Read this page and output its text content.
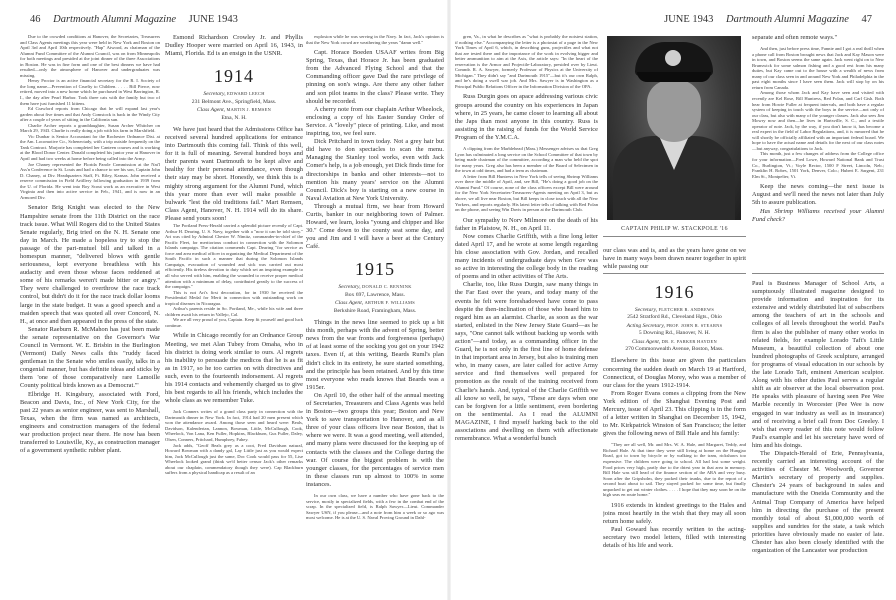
46 Dartmouth Alumni Magazine JUNE 1943	JUNE 1943 Dartmouth Alumni Magazine 47

Due to the crowded conditions at Hanover, the Secretaries, Treasurers and Class Agents meetings this year were held in New York and Boston on April 3rd and April 10th respectively. "Hap" Atwood, as chairman of the Alumni Fund Committee of the Alumni Council, was on from Minneapolis for both meetings and presided at the joint dinner of the three Associations in Boston. He was in fine form and one of the best dinners we have had resulted—only the atmosphere of Hanover and undergraduates was missing.

Henry Proctor is an active financial secretary for the R. I. Society of the long name—Prevention of Cruelty to Children. . . . . Bill Pierce, now retired, moved into a new home which he purchased in West Barrington, R. I., the day after Pearl Harbor. Took three cats with the family but two of them have just furnished 11 kittens.

Ed Crawford reports from Chicago that he will expand last year's garden about five times and that Andy Comstock is back in the Windy City after a couple of years of sitting in the California sun.

Charlie Archer reports a granddaughter, Susan Archer Whitcher on March 29, 1943. Charlie is really doing a job with his farm in Marshfield.

Vic Dunbar is Senior Accountant for the Rochester Ordnance Dist. at the Am. Locomotive Co., Schenectady, with a trip outside frequently on the Tank Contract. Marjorie has completed her Canteen courses and is working at the Blood Donor Center. Donald completed his junior year at Hanover in April and had two weeks at home before being called into the Army.

Joe Chaney represented the Florida Parole Commission at the Nat'l Ass'n Conference in St. Louis and had a chance to see his son, Captain John D. Chaney, at Div. Headquarters Staff, Ft. Riley, Kansas. John received a reserve commission in Field Artillery following graduation in 1939 from the U. of Florida. He went into Boy Scout work as an executive in West Virginia and then into active service in Feb., 1941, and is now in an Armored Div.

Senator Brig Knight was elected to the New Hampshire senate from the 11th District on the race track issue. What Will Rogers did to the United States Senate regularly, Brig tried on the N. H. Senate one day in March. He made a hopeless try to stop the passage of the pari-mutuel bill and talked in a homespun manner, "delivered blows with gentle seriousness, kept everyone breathless with his audacity and even those whose faces reddened at some of his remarks weren't made bitter or angry." They were challenged to overthrow the race track control, but didn't do it for the race track dollar looms large in the state budget. It was a good speech and a maiden speech that was quoted all over Concord, N. H., at once and then appeared in the press of the state.

Senator Raeburn R. McMahon has just been made the senate representative on the Governor's War Council in Vermont. W. E. Brisbin in the Burlington (Vermont) Daily News calls this "ruddy faced gentleman in the Senate who smiles easily, talks in a congenial manner, but has definite ideas and sticks by them 'one of those comparatively rare Lamoille County political birds known as a Democrat.'"

Elbridge H. Kingsbury, associated with Ford, Beacon and Davis, Inc., of New York City, for the past 22 years as senior engineer, was sent to Marshall, Texas, when the firm was named as architects, engineers and construction managers of the federal war production project near there. He now has been transferred to Louisville, Ky., as construction manager of a government synthetic rubber plant.

Esmond Richardson Crowley Jr. and Phyllis Dudley Hooper were married on April 16, 1943, in Miami, Florida. Ed is an ensign in the USNR.

1914

Secretary, EDWARD LEECH
231 Belmont Ave., Springfield, Mass.

Class Agent, MARTIN J. REMSEN
Etna, N. H.

We have just heard that the Admissions Office has received several hundred applications for entrance into Dartmouth this coming fall. Think of this well, for it is full of meaning. Several hundred boys and their parents want Dartmouth to be kept alive and healthy for their personal attendance, even though their stay may be short. Honestly, we think this is a mighty strong argument for the Alumni Fund, which this year more than ever will make possible a bulwark "lest the old traditions fail." Mart Remsen, Class Agent, Hanover, N. H. 1914 will do its share. Please send yours soon!

The Portland Press-Herald carried a splendid picture recently of Capt. Arthur H. Dearing, U. S. Navy, together with a "now it can be told story." Art was cited by Admiral Chester W. Nimitz, commander-in-chief of the Pacific Fleet, for meritorious conduct in connection with the Solomon Islands campaign. The citation commends Capt. Dearing "for service as force and area medical officer in organizing the Medical Department of the South Pacific in such a manner that during the Solomon Islands Campaign, evacuation of wounded and sick was carried out most efficiently. His tireless devotion to duty which set an inspiring example to all who served with him, enabling the wounded to receive proper medical attention with a minimum of delay, contributed greatly to the success of the campaign."

This is not Art's first decoration, for in 1930 he received the Presidential Medal for Merit in connection with outstanding work on tropical diseases in Nicaragua.

Arthur's parents reside in So. Portland, Me., while his wife and three children await his return in Vallejo, Cal.

We are all very proud of you, Captain. Keep fit yourself and good luck continue.

While in Chicago recently for an Ordnance Group Meeting, we met Alan Tubey from Omaha, who in his district is doing work similar to ours. Al regrets his inability to persuade the medicos that he is as fit as in 1917, so he too carries on with directives and such, even to the fourteenth indorsement. Al regrets his 1914 contacts and vehemently charged us to give his best regards to all his friends, which includes the whole class as we remember Tuke.

Jack Conners writes of a grand class party in connection with the Dartmouth dinner in New York. In fact, 1914 had 20 men present which won the attendance award. Among those seen and heard were: Beals, Davidson, Kalenderian, Lannon, Bowman, Little, McCullough, Cook, Wheelock, Von Lana, Ken Fuller, Hopkins, Blackburn, Gus Fuller, Daley, Olsen, Conners, Pritchard, Humphrey, Fahey.

Jack adds, "Geoff Beals grey as a coot, Fred Davidson natural, Howard Bowman with a dandy gal, Lay Little just as you would expect him, Jack McCullough just the same, Doc Cook would pass for 55, Lise Wheelock looked grand (think we'd better censor Jack's other remarks about our chaplain, commendatory though they were). Cap Blackburn suffers from a physical handicap as a result of an

explosion while he was serving in the Navy. In fact, Jack's opinion is that the New York crowd are weathering the years "damn well."

Capt. Horace Boeden USAAF writes from Big Spring, Texas, that Horace Jr. has been graduated from the Advanced Flying School and that the Commanding officer gave Dad the rare privilege of pinning on son's wings. Are there any other father and son pilot teams in the class? Please write. They should be recorded.

A cherry note from our chaplain Arthur Wheelock, enclosing a copy of his Easter Sunday Order of Service. A "lovely" piece of printing. Like, and most inspiring, too, we feel sure.

Dick Pritchard in town today. Not a grey hair but did have to don spectacles to scan the menu. Managing the Stanley tool works, even with Jack Comer's help, is a job enough, yet Dick finds time for directorships in banks and other interests—not to mention his many years' service on the Alumni Council. Dick's boy is starting on a new course in Naval Aviation at New York University.

Through a mutual firm, we hear from Howard Curtis, banker in our neighboring town of Palmer. Howard, we learn, looks "young and chipper and like 30." Come down to the county seat some day, and you and Jim and I will have a beer at the Century Café.

1915

Secretary, DONALD C. BENNINK
Box 697, Lawrence, Mass.

Class Agent, ARTHUR F. WILLIAMS
Berkshire Road, Framingham, Mass.

Things in the news line seemed to pick up a bit this month, perhaps with the advent of Spring, better news from the war fronts and forgiveness (perhaps) of at least some of the socking you got on your 1942 taxes. Even if, at this writing, Beards Ruml's plan didn't click in its entirety, he sure started something, and the principle has been retained. And by this time most everyone who reads knows that Beards was a 1915er.

On April 10, the other half of the annual meeting of Secretaries, Treasurers and Class Agents was held in Boston—two groups this year; Boston and New York to save transportation to Hanover, and as all three of your class officers live near Boston, that is where we were. It was a good meeting, well attended, and many plans were discussed for the keeping up of contacts with the classes and the College during the war. Of course the biggest problem is with the younger classes, for the percentages of service men in these classes run up almost to 100% in some instances.

In our own class, we have a number who have gone back to the service, mostly in specialized fields, with a few in the combat end of the scrap. In the specialized field, is Ralph Sawyer—Lieut. Commander Sawyer USN, if you please—and a note from him a week or so ago was most welcome. He is at the U. S. Naval Proving Ground in Dahl-

gren, Va., in what he describes as "what is probably the noisiest station, if nothing else." Accompanying the letter is a photostat of a page in the New York Times of April 6, which, in describing guns, projectiles and what not that are tested there and the importance of the work in evolving bigger and better ammunition to aim at the Axis, the article says: "In the heart of the reservation is the Armor and Projectile-Laboratory, presided over by Lieut. Comndr. R. A. Sawyer, formerly Professor of Physics at the University of Michigan." They didn't say "and Dartmouth 1915"—but it's our own Ralph, and he's doing a swell war job. And Mrs. Sawyer is in Washington as a Principal Public Relations Officer in the Information Division of the OPA.

Russ Durgin goes on apace addressing various civic groups around the country on his experiences in Japan where, in 25 years, he came closer to learning all about the Japs than most anyone in this country. Russ is assisting in the raising of funds for the World Service Program of the Y.M.C.A.

A clipping from the Marblehead (Mass.) Messenger advises us that Greg Lyon has culminated a long service on the School Committee of that town by being made chairman of the committee, according a man who held the spot for many years. Greg also has been a member of the Board of Selectmen in the town at odd times, and had a term as chairman.

A letter from Bill Huntress in New York tells of seeing Shrimp Williams over there the middle of April, and, see Bill, "He's doing a good job on the Alumni Fund." Of course, none of the class officers except Bill were around for the New York Secretaries-Treasurers-Agents meeting on April 3, but as above, we all live near Boston, but Bill keeps in close touch with all the New Yorkers, and reports regularly. His latest letter tells of talking with Red Folan on the phone, and seeing Win Davis in person at the Dartmouth Club.

Our sympathy to Norv Milmore on the death of his father in Plaistow, N. H., on April 11.

Now comes Charlie Griffith, with a fine long letter dated April 17, and he wrote at some length regarding his close association with Gov. Jordan, and recalled many incidents of undergraduate days when Gov was so active in interesting the college body in the reading of poems and in other activities of The Arts.

Charlie, too, like Russ Durgin, saw many things in the Far East over the years, and today many of the events he felt were foreshadowed have come to pass despite the then-inclination of those who heard him to regard him as an alarmist. Charlie, as soon as the war started, enlisted in the New Jersey State Guard—as he says, "One cannot talk without backing up words with action"—and today, as a commanding officer in the Guard, he is not only in the first line of home defense in that important area in Jersey, but also is training men who, in many cases, are later called for active Army service and find themselves well prepared for promotion as the result of the training received from Charlie's hands. And, typical of the Charlie Griffith we all know so well, he says, "These are days when one can be forgiven for a little sentiment, even bordering on the sentimental. As I read the ALUMNI MAGAZINE, I find myself harking back to the old associations and dwelling on them with affectionate remembrance. What a wonderful bunch

CAPTAIN PHILIP W. STACKPOLE '16

our class was and is, and as the years have gone on we have in many ways been drawn nearer together in spirit while passing our

1916

Secretary, FLETCHER R. ANDREWS
2542 Stratford Rd., Cleveland Hgts., Ohio

Acting Secretary, PROF. JOHN R. STEARNS
5 Downing Rd., Hanover, N. H.

Class Agent, DR. E. PARKER HAYDEN
270 Commonwealth Avenue, Boston, Mass.

Elsewhere in this issue are given the particulars concerning the sudden death on March 19 at Hartford, Connecticut, of Douglas Morey, who was a member of our class for the years 1912-1914.

From Roger Evans comes a clipping from the New York edition of the Shanghai Evening Post and Mercury, issue of April 23. This clipping is in the form of a letter written in Shanghai on December 15, 1942, to Mr. Kirkpatrick Winston of San Francisco; the letter gives the following news of Bill Hale and his family:

"They are all well, Mr. and Mrs. W. A. Hale, and Margaret, Teddy, and Richard Hale. At that time they were still living at home on the Hungjao Road, got to town by bicycle or by walking to the tram, rickshaws too expensive. The children were going to school. All had lost some weight. Food prices very high, partly due to the driest year in that area in memory. Bill Hale was still head of the finance section of the ARA and very busy. Soon after the Gripsholm, they packed their trunks, due to the report of a second boat about to sail. They stayed packed for some time, but finally unpacked to get out winter clothes. . . . . I hope that they may soon be on the high seas en route home."

1916 extends in kindest greetings to the Hales and joins most heartily in the wish that they may all soon return home safely.

Paul Goward has recently written to the acting-secretary two model letters, filled with interesting details of his life and work.

separate and often remote ways."

And then, just before press time, Fannie and I got a real thrill when a phone call from Boston brought news that Jack and Kay Mason were in town, and Boston seems the same again. Jack went right on to New Brunswick for some salmon fishing and a good rest from his many duties, but Kay came out to the house with a wealth of news from many of our class seen in and around New York and Philadelphia in the past eight months since I have seen them. Jack will stop by on his return from Canada.

Among those whom Jack and Kay have seen and visited with recently are Kel Rose, Bill Huntress, Red Folan, and Carl Gish. Both hear from Howie Fuller at frequent intervals, and both have a regular system of keeping in touch with the boys in the service—not only of our class, but also with many of the younger classes. Jack also sees Jim Mowry now and then—he lives in Hartsville, S. C., and a textile operator of note. Jack, by the way, if you don't know it, has become a real expert in the field of Labor Regulations, and, it is rumored that he will shortly be officially affiliated with an important federal board. We hope to have the actual name and details for the next of our class notes—but anyway, congratulations to Jack.

This month, just a few changes of address from the College office for your information—Fred Lowe, Howard National Bank and Trust Co., Burlington, Vt.; Voyle Rector, 1500 F Street, Lincoln, Neb.; Franklin H. Robes, 1501 York, Denver, Colo.; Hubert E. Sargent, 231 Elm St., Montpelier, Vt.

Keep the news coming—the next issue is August and we'll need the news not later than July 5th to assure publication.

Has Shrimp Williams received your Alumni Fund check?

Paul is Business Manager of School Arts, a sumptuously illustrated magazine designed to provide information and inspiration for its extensive and widely distributed list of subscribers among the teachers of art in the schools and colleges of all levels throughout the world. Paul's firm is also the publisher of many other works in related fields, for example Lorado Taft's Little Museum, a beautiful collection of about one hundred photographs of Greek sculpture, arranged for programs of visual education in our schools by the late Lorado Taft, eminent American sculptor. Along with his other duties Paul serves a regular shift as air observer at the local observation post. He speaks with pleasure of having seen Pee Wee Marble recently in Worcester (Pee Wee is now engaged in war industry as well as in insurance) and of receiving a brief call from Doc Greeley. I wish that every reader of this note would follow Paul's example and let his secretary have word of him and his doings.

The Dispatch-Herald of Erie, Pennsylvania, recently carried an interesting account of the activities of Chester M. Woolworth, Governor Martin's secretary of property and supplies. Chester's 24 years of background in sales and manufacture with the Oneida Community and the Animal Trap Company of America have helped him in directing the purchase of the present monthly total of about $1,000,000 worth of supplies and sundries for the state, a task which priorities have obviously made no easier of late. Chester has also been closely identified with the organization of the Lancaster war production
